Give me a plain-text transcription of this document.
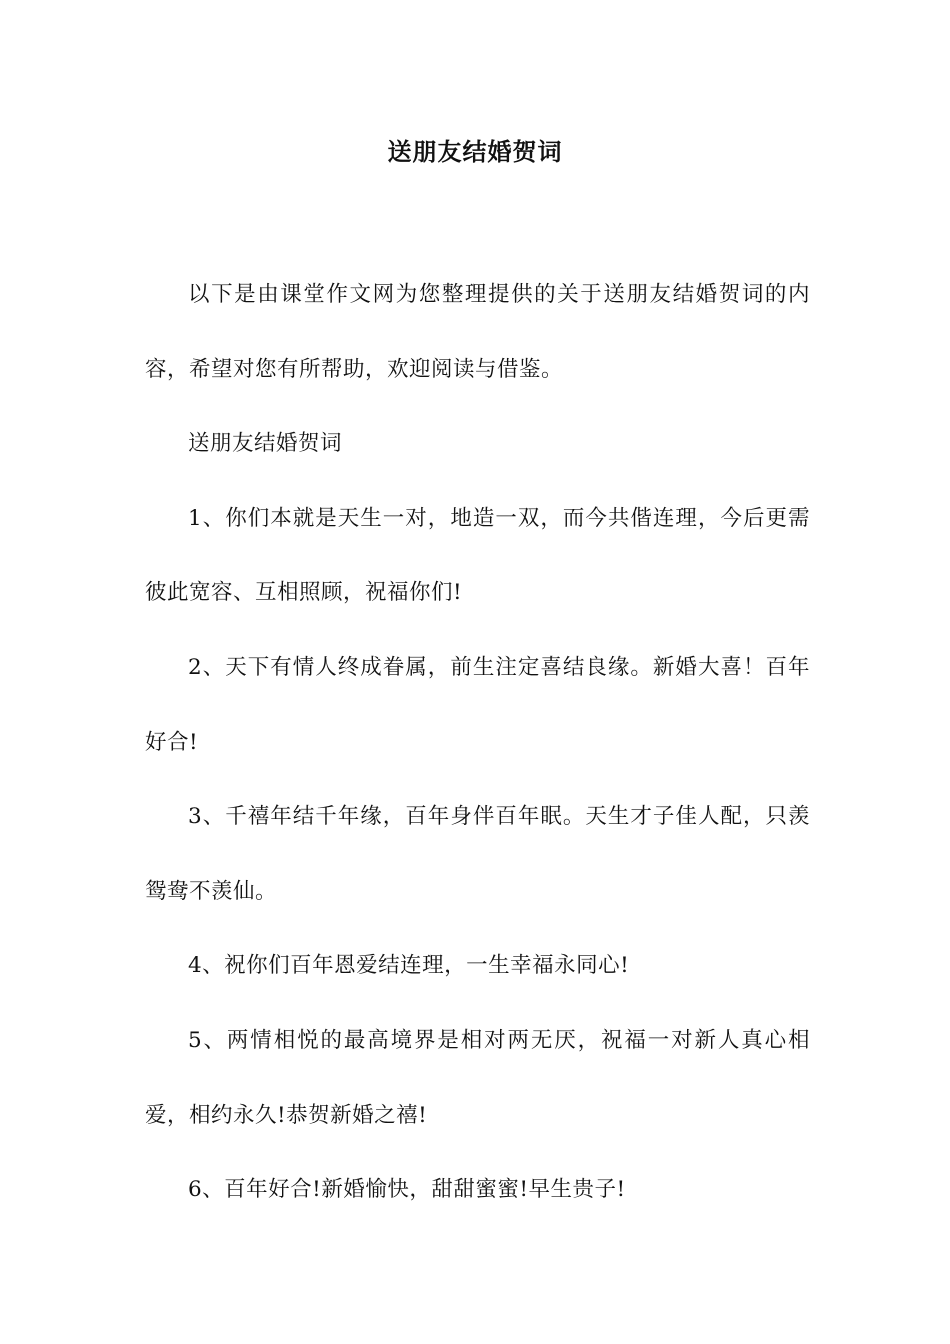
送朋友结婚贺词

以下是由课堂作文网为您整理提供的关于送朋友结婚贺词的内容，希望对您有所帮助，欢迎阅读与借鉴。

送朋友结婚贺词

1、你们本就是天生一对，地造一双，而今共偕连理，今后更需彼此宽容、互相照顾，祝福你们!

2、天下有情人终成眷属，前生注定喜结良缘。新婚大喜！百年好合!

3、千禧年结千年缘，百年身伴百年眠。天生才子佳人配，只羡鸳鸯不羡仙。

4、祝你们百年恩爱结连理，一生幸福永同心!

5、两情相悦的最高境界是相对两无厌，祝福一对新人真心相爱，相约永久!恭贺新婚之禧!

6、百年好合!新婚愉快，甜甜蜜蜜!早生贵子!
